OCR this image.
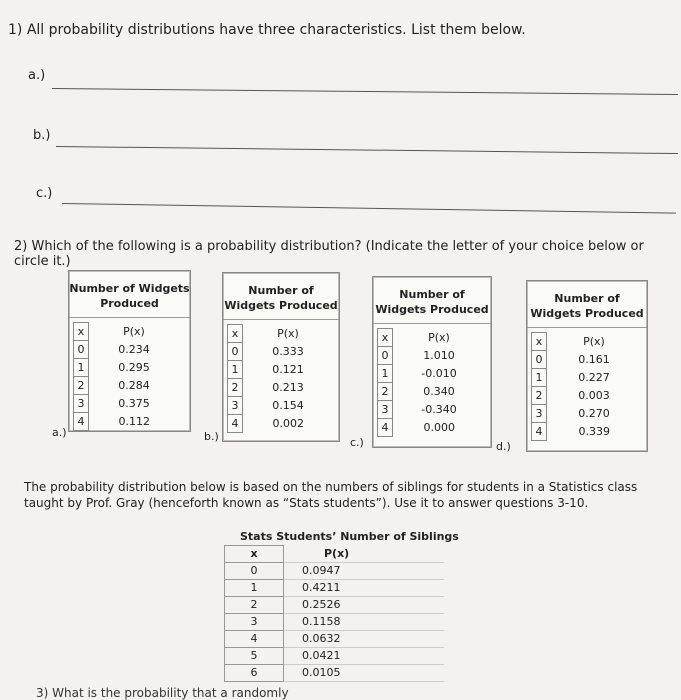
1) All probability distributions have three characteristics. List them below.
a.)
b.)
c.)
2) Which of the following is a probability distribution? (Indicate the letter of your choice below or circle it.)
Number of Widgets Produced
x	P(x)
0	0.234
1	0.295
2	0.284
3	0.375
4	0.112
a.)
Number of Widgets Produced
x	P(x)
0	0.333
1	0.121
2	0.213
3	0.154
4	0.002
b.)
Number of Widgets Produced
x	P(x)
0	1.010
1	-0.010
2	0.340
3	-0.340
4	0.000
c.)
Number of Widgets Produced
x	P(x)
0	0.161
1	0.227
2	0.003
3	0.270
4	0.339
d.)
The probability distribution below is based on the numbers of siblings for students in a Statistics class taught by Prof. Gray (henceforth known as “Stats students”). Use it to answer questions 3-10.
Stats Students’ Number of Siblings
x	P(x)
0	0.0947
1	0.4211
2	0.2526
3	0.1158
4	0.0632
5	0.0421
6	0.0105
3) What is the probability that a randomly
